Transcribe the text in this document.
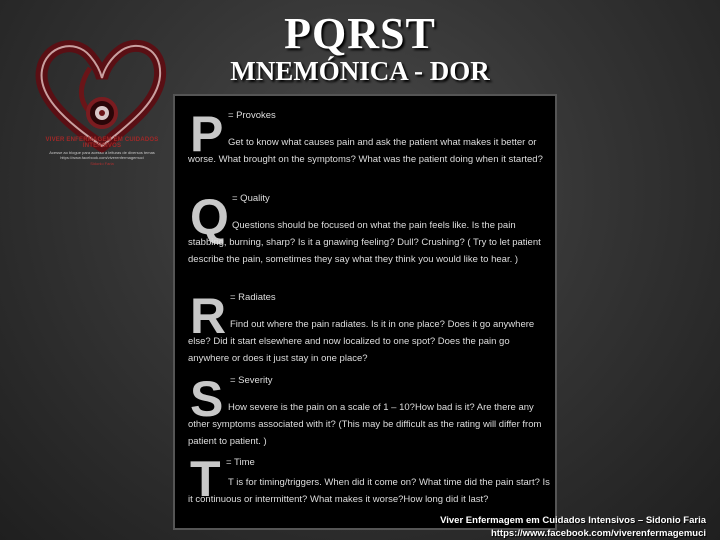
PQRST
MNEMÓNICA - DOR
VIVER ENFERMAGEM EM CUIDADOS INTENSIVOS
Acesse ao blogue para acesso a leituras de diversos temas https://www.facebook.com/viverenfermagemuci
Sidonio Faria
P = Provokes
Get to know what causes pain and ask the patient what makes it better or worse. What brought on the symptoms? What was the patient doing when it started?
Q = Quality
Questions should be focused on what the pain feels like. Is the pain stabbing, burning, sharp? Is it a gnawing feeling? Dull? Crushing? ( Try to let patient describe the pain, sometimes they say what they think you would like to hear. )
R = Radiates
Find out where the pain radiates. Is it in one place? Does it go anywhere else? Did it start elsewhere and now localized to one spot? Does the pain go anywhere or does it just stay in one place?
S = Severity
How severe is the pain on a scale of 1 – 10?How bad is it? Are there any other symptoms associated with it? (This may be difficult as the rating will differ from patient to patient. )
T = Time
T is for timing/triggers. When did it come on? What time did the pain start? Is it continuous or intermittent? What makes it worse?How long did it last?
Viver Enfermagem em Cuidados Intensivos – Sidonio Faria
https://www.facebook.com/viverenfermagemuci
